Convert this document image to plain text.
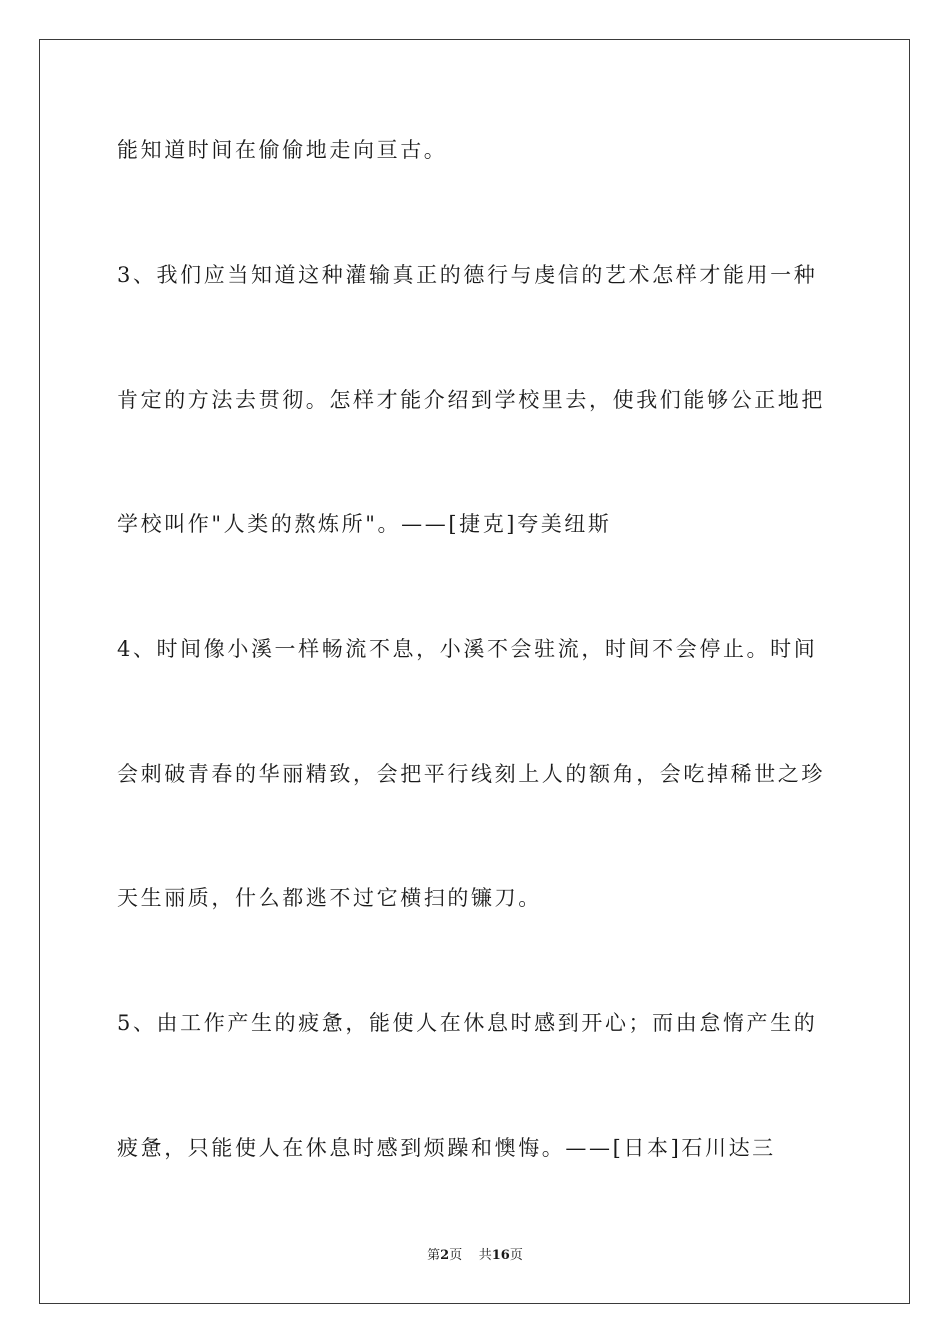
能知道时间在偷偷地走向亘古。
3、我们应当知道这种灌输真正的德行与虔信的艺术怎样才能用一种
肯定的方法去贯彻。怎样才能介绍到学校里去，使我们能够公正地把
学校叫作"人类的熬炼所"。——[捷克]夸美纽斯
4、时间像小溪一样畅流不息，小溪不会驻流，时间不会停止。时间
会刺破青春的华丽精致，会把平行线刻上人的额角，会吃掉稀世之珍
天生丽质，什么都逃不过它横扫的镰刀。
5、由工作产生的疲惫，能使人在休息时感到开心；而由怠惰产生的
疲惫，只能使人在休息时感到烦躁和懊悔。——[日本]石川达三
第2页 共16页
